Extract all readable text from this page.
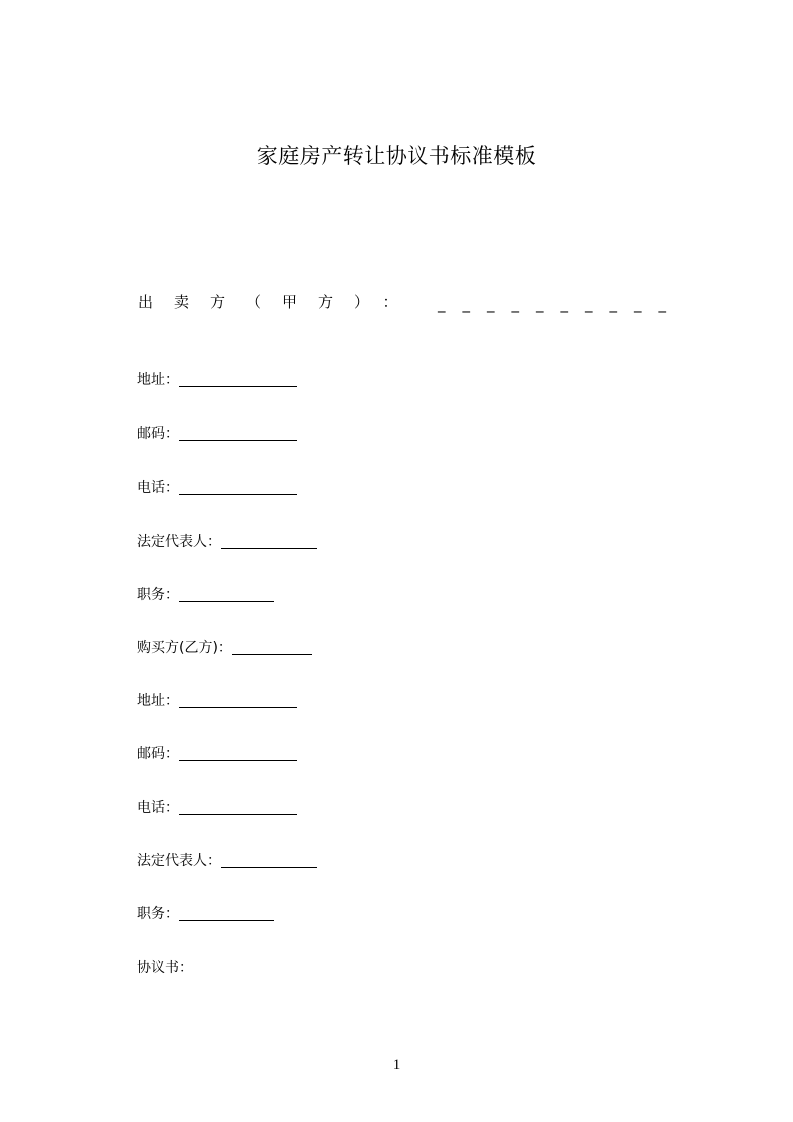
家庭房产转让协议书标准模板
出卖方（甲方）： __________
地址：
邮码：
电话：
法定代表人：
职务：
购买方(乙方)：
地址：
邮码：
电话：
法定代表人：
职务：
协议书：
1
